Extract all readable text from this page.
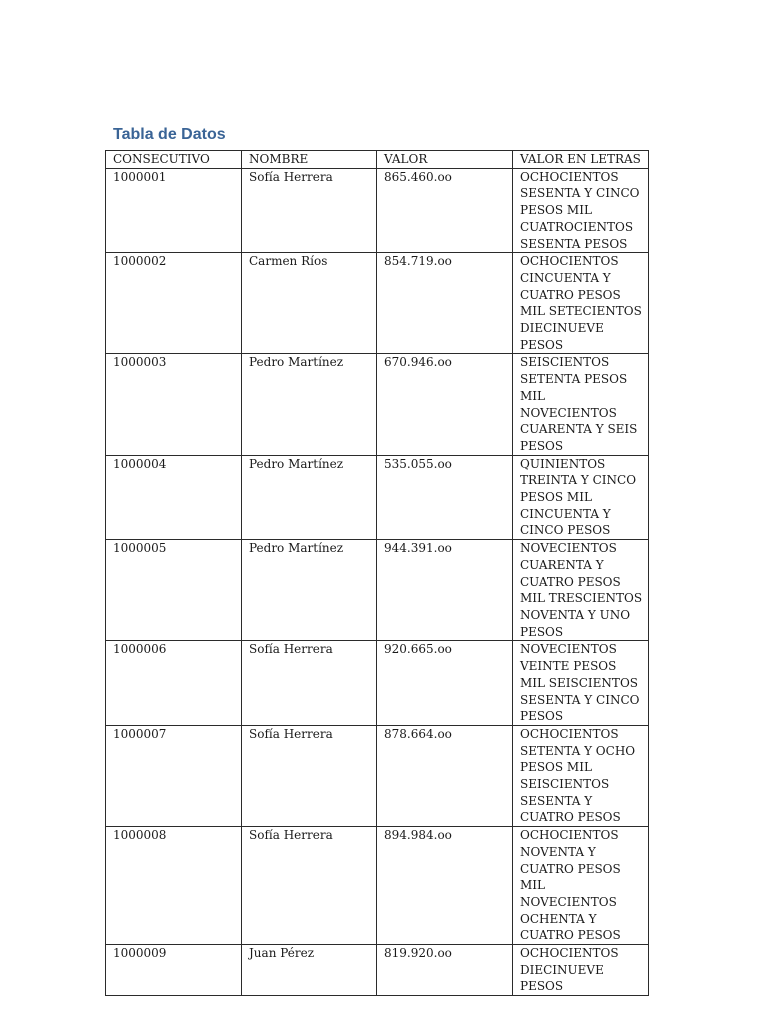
Tabla de Datos
CONSECUTIVO	NOMBRE	VALOR	VALOR EN LETRAS
1000001	Sofía Herrera	865.460.oo	OCHOCIENTOS SESENTA Y CINCO PESOS MIL CUATROCIENTOS SESENTA PESOS
1000002	Carmen Ríos	854.719.oo	OCHOCIENTOS CINCUENTA Y CUATRO PESOS MIL SETECIENTOS DIECINUEVE PESOS
1000003	Pedro Martínez	670.946.oo	SEISCIENTOS SETENTA PESOS MIL NOVECIENTOS CUARENTA Y SEIS PESOS
1000004	Pedro Martínez	535.055.oo	QUINIENTOS TREINTA Y CINCO PESOS MIL CINCUENTA Y CINCO PESOS
1000005	Pedro Martínez	944.391.oo	NOVECIENTOS CUARENTA Y CUATRO PESOS MIL TRESCIENTOS NOVENTA Y UNO PESOS
1000006	Sofía Herrera	920.665.oo	NOVECIENTOS VEINTE PESOS MIL SEISCIENTOS SESENTA Y CINCO PESOS
1000007	Sofía Herrera	878.664.oo	OCHOCIENTOS SETENTA Y OCHO PESOS MIL SEISCIENTOS SESENTA Y CUATRO PESOS
1000008	Sofía Herrera	894.984.oo	OCHOCIENTOS NOVENTA Y CUATRO PESOS MIL NOVECIENTOS OCHENTA Y CUATRO PESOS
1000009	Juan Pérez	819.920.oo	OCHOCIENTOS DIECINUEVE PESOS
